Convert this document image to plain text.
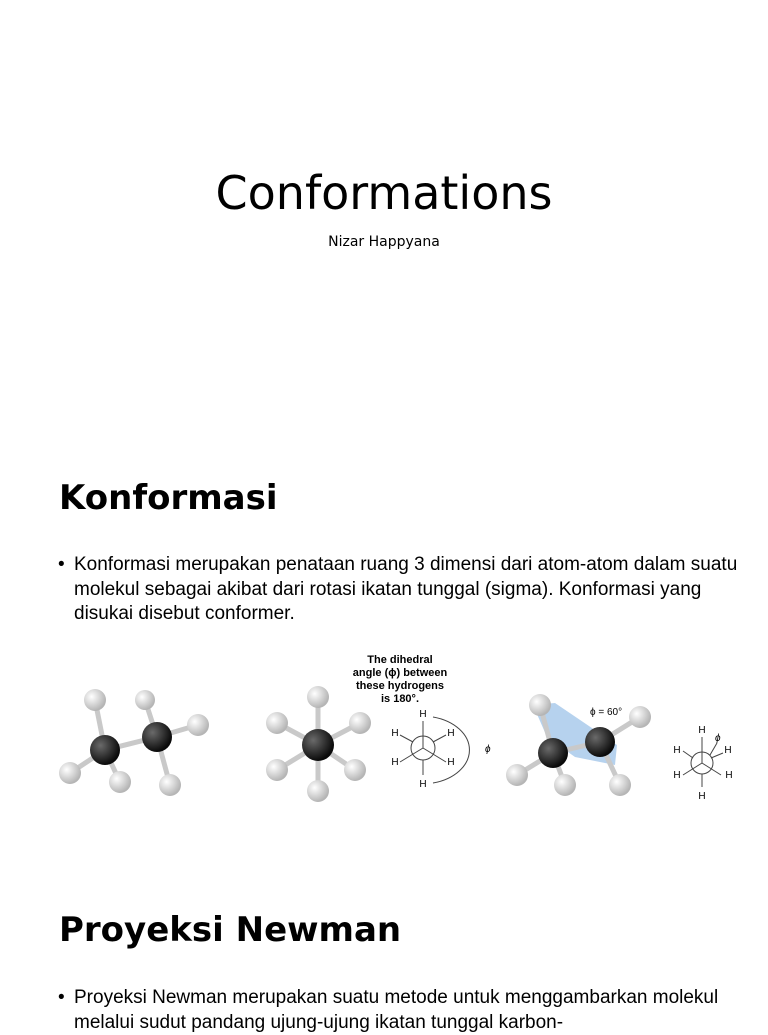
Conformations
Nizar Happyana
Konformasi
• Konformasi merupakan penataan ruang 3 dimensi dari atom-atom dalam suatu molekul sebagai akibat dari rotasi ikatan tunggal (sigma). Konformasi yang disukai disebut conformer.
The dihedral
angle (ϕ) between
these hydrogens
is 180°.
H
H	H
H	H
H
ϕ
ϕ = 60°
H
H	H
H	H
H
ϕ
Proyeksi Newman
• Proyeksi Newman merupakan suatu metode untuk menggambarkan molekul melalui sudut pandang ujung-ujung ikatan tunggal karbon-
